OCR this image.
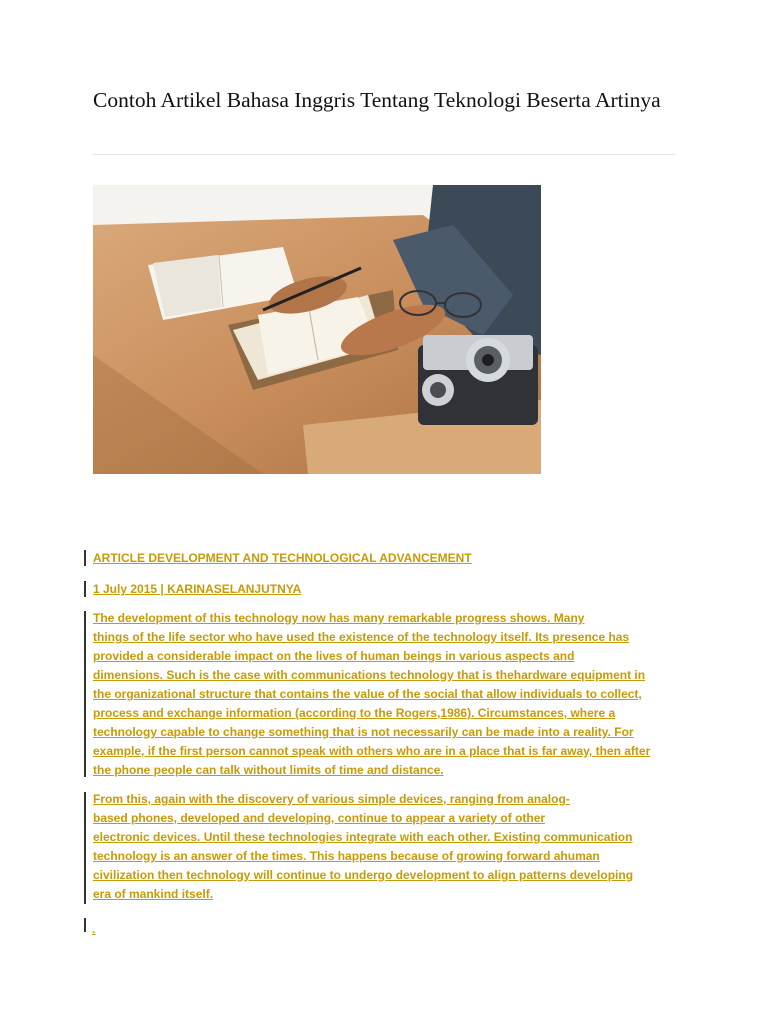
Contoh Artikel Bahasa Inggris Tentang Teknologi Beserta Artinya
ARTICLE DEVELOPMENT AND TECHNOLOGICAL ADVANCEMENT
1 July 2015 | KARINASELANJUTNYA

The development of this technology now has many remarkable progress shows. Many
things of the life sector who have used the existence of the technology itself. Its presence has
provided a considerable impact on the lives of human beings in various aspects and
dimensions. Such is the case with communications technology that is thehardware equipment in
the organizational structure that contains the value of the social that allow individuals to collect,
process and exchange information (according to the Rogers,1986). Circumstances, where a
technology capable to change something that is not necessarily can be made into a reality. For
example, if the first person cannot speak with others who are in a place that is far away, then after
the phone people can talk without limits of time and distance.

From this, again with the discovery of various simple devices, ranging from analog-
based phones, developed and developing, continue to appear a variety of other
electronic devices. Until these technologies integrate with each other. Existing communication
technology is an answer of the times. This happens because of growing forward ahuman
civilization then technology will continue to undergo development to align patterns developing
era of mankind itself.

.
